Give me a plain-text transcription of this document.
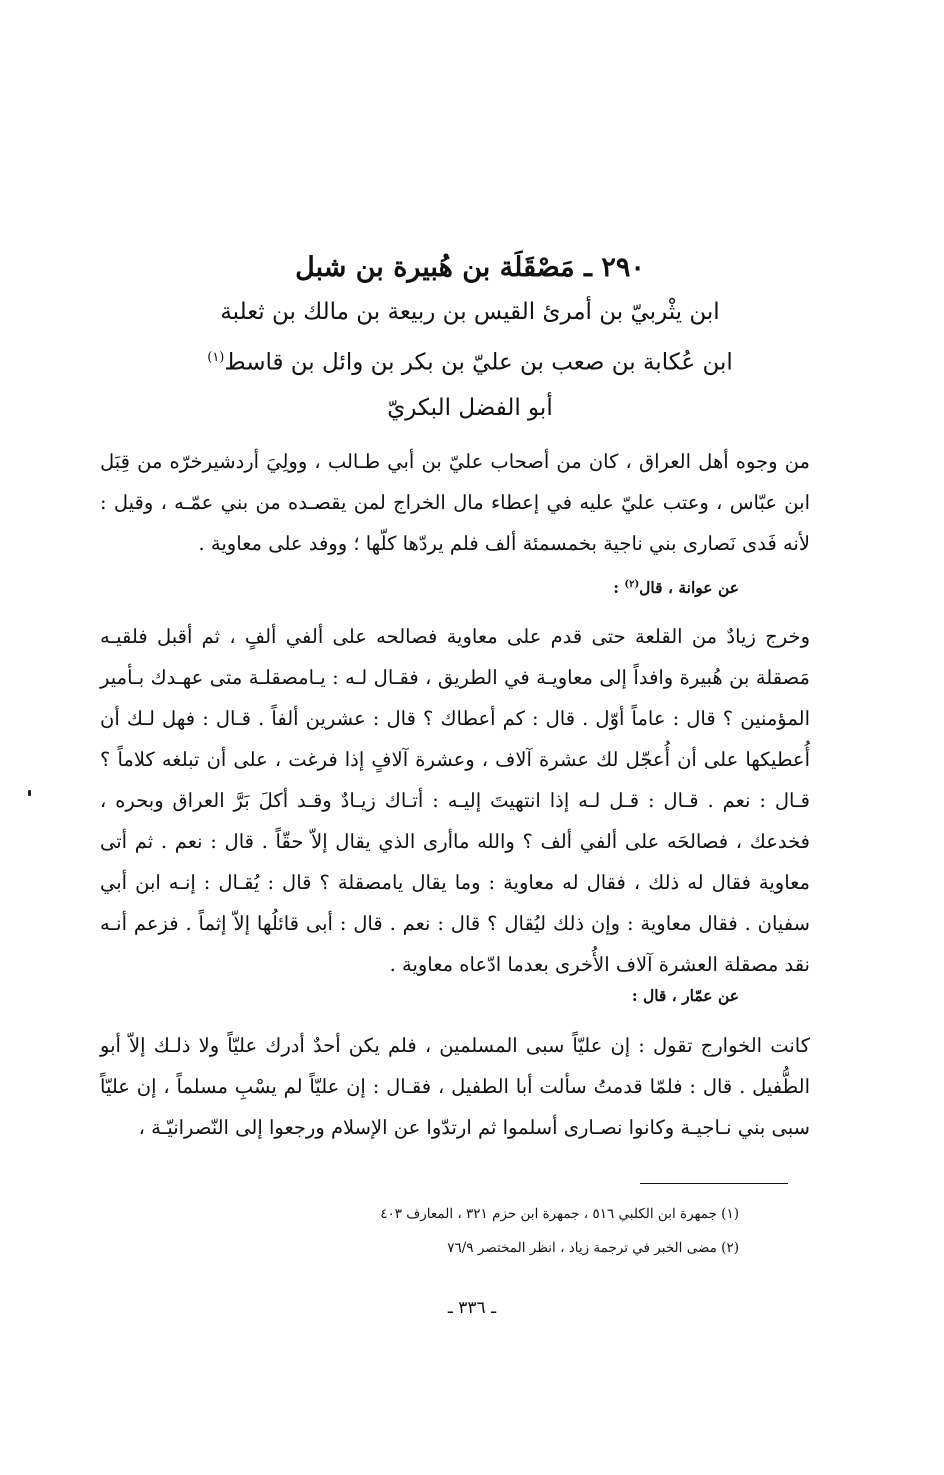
٢٩٠ ـ مَصْقَلَة بن هُبيرة بن شبل

ابن يثْربيّ بن أمرئ القيس بن ربيعة بن مالك بن ثعلبة

ابن عُكابة بن صعب بن عليّ بن بكر بن وائل بن قاسط$^{(١)}$

أبو الفضل البكريّ

من وجوه أهل العراق ، كان من أصحاب عليّ بن أبي طـالب ، وولِيَ أردشيرخرّه من قِبَل ابن عبّاس ، وعتب عليّ عليه في إعطاء مال الخراج لمن يقصـده من بني عمّـه ، وقيل : لأنه فَدى نَصارى بني ناجية بخمسمئة ألف فلم يردّها كلّها ؛ ووفد على معاوية .

عن عوانة ، قال$^{(٢)}$ :

وخرج زيادٌ من القلعة حتى قدم على معاوية فصالحه على ألفي ألفٍ ، ثم أقبل فلقيـه مَصقلة بن هُبيرة وافداً إلى معاويـة في الطريق ، فقـال لـه : يـامصقلـة متى عهـدك بـأمير المؤمنين ؟ قال : عاماً أوّل . قال : كم أعطاك ؟ قال : عشرين ألفاً . قـال : فهل لـك أن أُعطيكها على أن أُعجّل لك عشرة آلاف ، وعشرة آلافٍ إذا فرغت ، على أن تبلغه كلاماً ؟ قـال : نعم . قـال : قـل لـه إذا انتهيتَ إليـه : أتـاك زيـادٌ وقـد أكلَ بَرَّ العراق وبحره ، فخدعك ، فصالحَه على ألفي ألف ؟ والله ماأرى الذي يقال إلاّ حقّاً . قال : نعم . ثم أتى معاوية فقال له ذلك ، فقال له معاوية : وما يقال يامصقلة ؟ قال : يُقـال : إنـه ابن أبي سفيان . فقال معاوية : وإن ذلك ليُقال ؟ قال : نعم . قال : أبى قائلُها إلاّ إثماً . فزعم أنـه نقد مصقلة العشرة آلاف الأُخرى بعدما ادّعاه معاوية .

عن عمّار ، قال :

كانت الخوارج تقول : إن عليّاً سبى المسلمين ، فلم يكن أحدٌ أدرك عليّاً ولا ذلـك إلاّ أبو الطُّفيل . قال : فلمّا قدمتُ سألت أبا الطفيل ، فقـال : إن عليّاً لم يسْبِ مسلماً ، إن عليّاً سبى بني نـاجيـة وكانوا نصـارى أسلموا ثم ارتدّوا عن الإسلام ورجعوا إلى النّصرانيّـة ،

(١) جمهرة ابن الكلبي ٥١٦ ، جمهرة ابن حزم ٣٢١ ، المعارف ٤٠٣

(٢) مضى الخبر في ترجمة زياد ، انظر المختصر ٧٦/٩

ـ ٣٣٦ ـ
